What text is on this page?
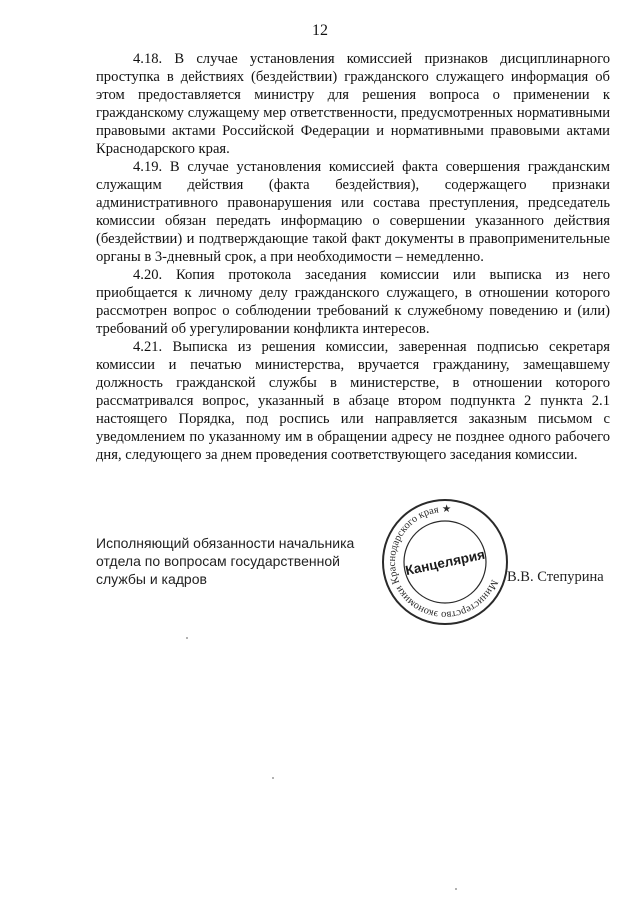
12

4.18. В случае установления комиссией признаков дисциплинарного проступка в действиях (бездействии) гражданского служащего информация об этом предоставляется министру для решения вопроса о применении к гражданскому служащему мер ответственности, предусмотренных нормативными правовыми актами Российской Федерации и нормативными правовыми актами Краснодарского края.

4.19. В случае установления комиссией факта совершения гражданским служащим действия (факта бездействия), содержащего признаки административного правонарушения или состава преступления, председатель комиссии обязан передать информацию о совершении указанного действия (бездействии) и подтверждающие такой факт документы в правоприменительные органы в 3-дневный срок, а при необходимости – немедленно.

4.20. Копия протокола заседания комиссии или выписка из него приобщается к личному делу гражданского служащего, в отношении которого рассмотрен вопрос о соблюдении требований к служебному поведению и (или) требований об урегулировании конфликта интересов.

4.21. Выписка из решения комиссии, заверенная подписью секретаря комиссии и печатью министерства, вручается гражданину, замещавшему должность гражданской службы в министерстве, в отношении которого рассматривался вопрос, указанный в абзаце втором подпункта 2 пункта 2.1 настоящего Порядка, под роспись или направляется заказным письмом с уведомлением по указанному им в обращении адресу не позднее одного рабочего дня, следующего за днем проведения соответствующего заседания комиссии.

Исполняющий обязанности начальника
отдела по вопросам государственной
службы и кадров	Министерство экономики Краснодарского края ★
Канцелярия В.В. Степурина
